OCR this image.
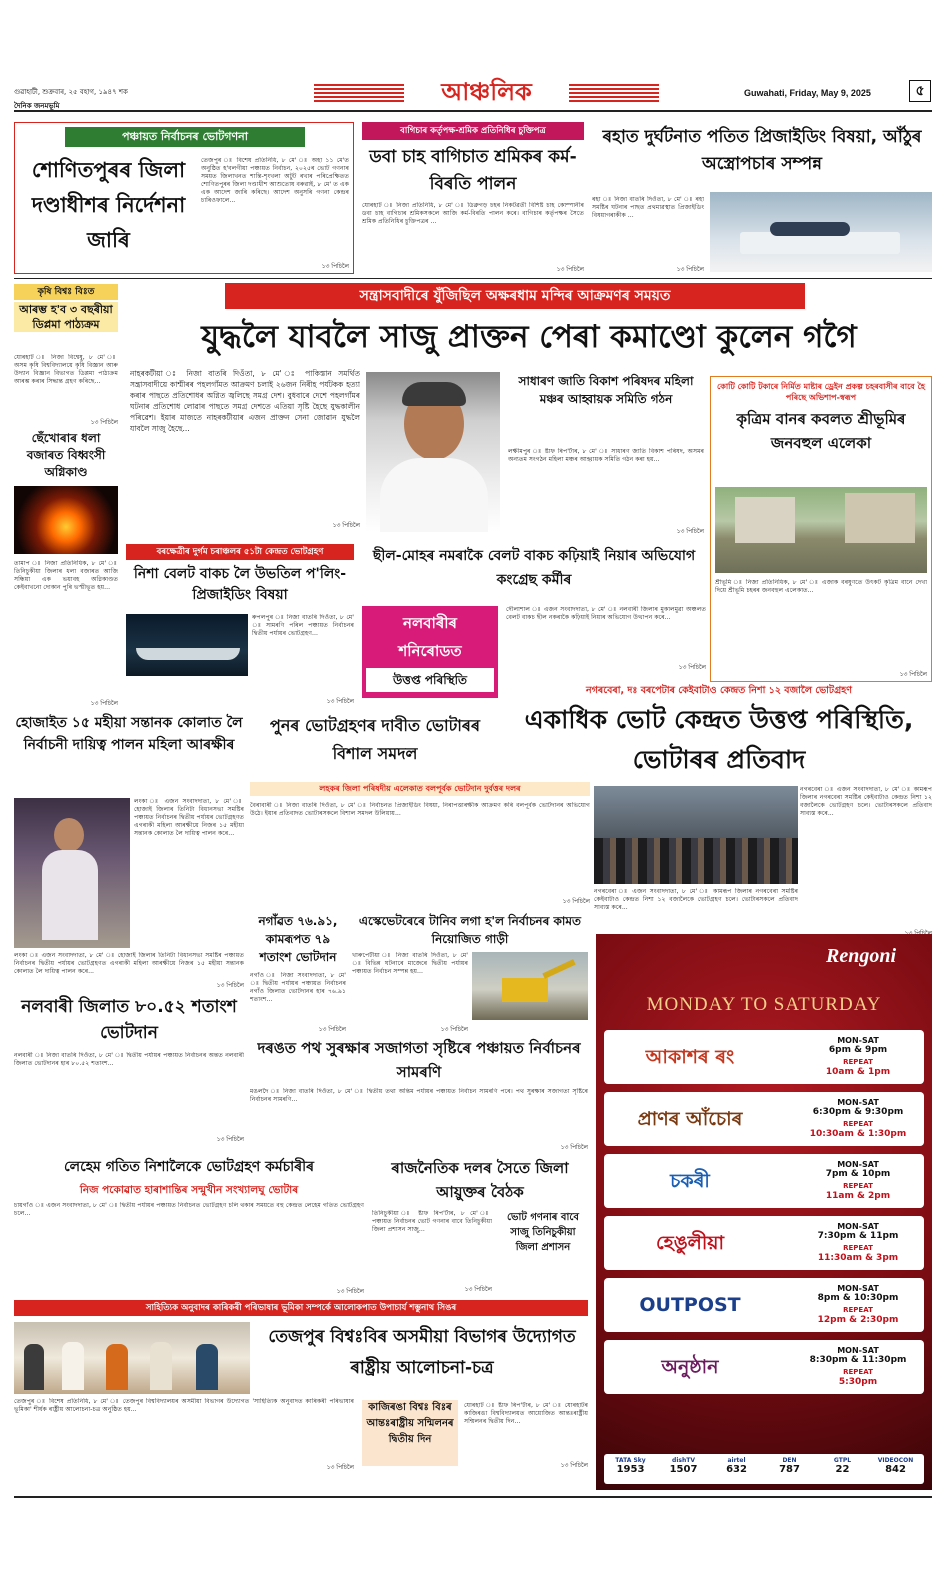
গুৱাহাটী, শুক্ৰবাৰ, ২৫ বহাগ, ১৯৪৭ শক
দৈনিক জনমভূমি	আঞ্চলিক	Guwahati, Friday, May 9, 2025	৫
পঞ্চায়ত নিৰ্বাচনৰ ভোটগণনা
শোণিতপুৰৰ জিলা দণ্ডাধীশৰ নিৰ্দেশনা জাৰি
তেজপুৰ ঃ বিশেষ প্ৰতিনিধি, ৮ মে' ঃ অহা ১১ মে'ত অনুষ্ঠিত হ'বলগীয়া পঞ্চায়ত নিৰ্বাচন, ২০২৫ৰ ভোট গণনাৰ সময়ত জিলাখনত শান্তি-শৃংখলা অটুট ৰখাৰ পৰিপ্ৰেক্ষিতত শোণিতপুৰৰ জিলা দণ্ডাধীশ আশুতোষ বৰুৱাই, ৮ মে' ত এক এক আদেশ জাৰি কৰিছে। আদেশ অনুসৰি গণনা কেন্দ্ৰৰ চাৰিওফালে...
১৩ পিচিলৈ
বাগিচাৰ কৰ্তৃপক্ষ-শ্ৰমিক প্ৰতিনিধিৰ চুক্তিপত্ৰ
ডবা চাহ বাগিচাত শ্ৰমিকৰ কৰ্ম-বিৰতি পালন
যোৰহাট ঃ নিজা প্ৰতিনিধি, ৮ মে' ঃ ডিব্ৰুগড় চহৰ নিকটৱৰ্তী বিশিষ্ট চাহ কোম্পানীৰ ডবা চাহ বাগিচাৰ শ্ৰমিকসকলে আজি কৰ্ম-বিৰতি পালন কৰে। বাগিচাৰ কৰ্তৃপক্ষৰ সৈতে শ্ৰমিক প্ৰতিনিধিৰ চুক্তিপত্ৰৰ ...
১৩ পিচিলৈ
ৰহাত দুৰ্ঘটনাত পতিত প্ৰিজাইডিং বিষয়া, আঁঠুৰ অস্ত্ৰোপচাৰ সম্পন্ন
ৰহা ঃ নিজা বাতৰি দিওঁতা, ৮ মে' ঃ ৰহা সমষ্টিৰ ঘটনাৰ পাছত প্ৰথমাৱস্থাত প্ৰিজাইডিং বিষয়াগৰাকীক ...
১৩ পিচিলৈ
কৃষি বিশ্বঃ বিঃত
আৰম্ভ হ'ব ৩ বছৰীয়া ডিপ্লমা পাঠ্যক্ৰম
যোৰহাট ঃ নিজা বিশ্বেষু, ৮ মে' ঃ অসম কৃষি বিশ্ববিদ্যালয়ে কৃষি বিজ্ঞান আৰু উদ্যান বিজ্ঞান বিভাগত ডিপ্লমা পাঠ্যক্ৰম আৰম্ভ কৰাৰ সিদ্ধান্ত গ্ৰহণ কৰিছে...
১৩ পিচিলৈ
ছেঁখোৰাৰ ধলা বজাৰত বিধ্বংসী অগ্নিকাণ্ড
তামাপ ঃ নিজা প্ৰতিনিধিক, ৮ মে' ঃ তিনিচুকীয়া জিলাৰ ধলা বজাৰত আজি সন্ধিয়া এক ভয়াবহ অগ্নিকাণ্ডত কেইবাখনো দোকান পুৰি ভস্মীভূত হয়...
১৩ পিচিলৈ
সন্ত্ৰাসবাদীৰে যুঁজিছিল অক্ষৰধাম মন্দিৰ আক্ৰমণৰ সময়ত
যুদ্ধলৈ যাবলৈ সাজু প্ৰাক্তন পেৰা কমাণ্ডো কুলেন গগৈ
নাহৰকটীয়া ঃ নিজা বাতৰি দিওঁতা, ৮ মে' ঃ পাকিস্তান সমৰ্থিত সন্ত্ৰাসবাদীয়ে কাশ্মীৰৰ পহলগাঁমত আক্ৰমণ চলাই ২৬জন নিৰীহ পৰ্যটকক হত্যা কৰাৰ পাছতে প্ৰতিশোধৰ অগ্নিত জ্বলিছে সমগ্ৰ দেশ। বুধবাৰে দেশে পহলগাঁমৰ ঘটনাৰ প্ৰতিশোধ লোৱাৰ পাছতে সমগ্ৰ দেশতে এতিয়া সৃষ্টি হৈছে যুদ্ধকালীন পৰিৱেশ। ইয়াৰ মাজতে নাহৰকটীয়াৰ এজন প্ৰাক্তন সেনা জোৱান যুদ্ধলৈ যাবলৈ সাজু হৈছে...
১৩ পিচিলৈ
সাধাৰণ জাতি বিকাশ পৰিষদৰ মহিলা মঞ্চৰ আহ্বায়ক সমিতি গঠন
লক্ষীমপুৰ ঃ ষ্টাফ ৰিপ'ৰ্টাৰ, ৮ মে' ঃ সাধাৰণ জাতি বিকাশ পৰিষদ, অসমৰ অন্যতম সংগঠন মহিলা মঞ্চৰ আহ্বায়ক সমিতি গঠন কৰা হয়...
১৩ পিচিলৈ
কোটি কোটি টকাৰে নিৰ্মিত মাষ্টাৰ ড্ৰেইন প্ৰকল্প চহৰবাসীৰ বাবে হৈ পৰিছে অভিশাপ-স্বৰূপ
কৃত্ৰিম বানৰ কবলত শ্ৰীভূমিৰ জনবহুল এলেকা
শ্ৰীভূমি ঃ নিজা প্ৰতিনিধিক, ৮ মে' ঃ এজাক বৰষুণতে উৎকট কৃত্ৰিম বানে দেখা দিয়ে শ্ৰীভূমি চহৰৰ জনবহুল এলেকাত...
১৩ পিচিলৈ
বৰক্ষেত্ৰীৰ দুৰ্গম চৰাঞ্চলৰ ৫১টা কেন্দ্ৰত ভোটগ্ৰহণ
নিশা বেলট বাকচ লৈ উভতিল প'লিং-প্ৰিজাইডিং বিষয়া
ৰুপলপুৰ ঃ নিজা বাতৰি দিওঁতা, ৮ মে' ঃ সামৰণি পৰিল পঞ্চায়ত নিৰ্বাচনৰ দ্বিতীয় পৰ্যায়ৰ ভোটগ্ৰহণ...
১৩ পিচিলৈ
ছীল-মোহৰ নমৰাকৈ বেলট বাকচ কঢ়িয়াই নিয়াৰ অভিযোগ কংগ্ৰেছ কৰ্মীৰ
দৌলাশাল ঃ এজন সংবাদদাতা, ৮ মে' ঃ নলবাৰী জিলাৰ মুকালমুৱা অঞ্চলত বেলট বাকচ ছীল নকৰাকৈ কঢ়িয়াই নিয়াৰ অভিযোগ উত্থাপন কৰে...
১৩ পিচিলৈ
নলবাৰীৰ
শনিৰোডত
উত্তপ্ত পৰিস্থিতি
নগৰবেৰা, দঃ বৰপেটাৰ কেইবাটাও কেন্দ্ৰত নিশা ১২ বজালৈ ভোটগ্ৰহণ
একাধিক ভোট কেন্দ্ৰত উত্তপ্ত পৰিস্থিতি, ভোটাৰৰ প্ৰতিবাদ
নগৰবেৰা ঃ এজন সংবাদদাতা, ৮ মে' ঃ কামৰূপ জিলাৰ নগৰবেৰা সমষ্টিৰ কেইবাটাও কেন্দ্ৰত নিশা ১২ বজালৈকে ভোটগ্ৰহণ চলে। ভোটাৰসকলে প্ৰতিবাদ সাব্যস্ত কৰে...
নগৰবেৰা ঃ এজন সংবাদদাতা, ৮ মে' ঃ কামৰূপ জিলাৰ নগৰবেৰা সমষ্টিৰ কেইবাটাও কেন্দ্ৰত নিশা ১২ বজালৈকে ভোটগ্ৰহণ চলে। ভোটাৰসকলে প্ৰতিবাদ সাব্যস্ত কৰে...
হোজাইত ১৫ মহীয়া সন্তানক কোলাত লৈ নিৰ্বাচনী দায়িত্ব পালন মহিলা আৰক্ষীৰ
লংকা ঃ এজন সংবাদদাতা, ৮ মে' ঃ হোজাই জিলাৰ তিনিটা বিধানসভা সমষ্টিৰ পঞ্চায়ত নিৰ্বাচনৰ দ্বিতীয় পৰ্যায়ৰ ভোটগ্ৰহণত এগৰাকী মহিলা আৰক্ষীয়ে নিজৰ ১৫ মহীয়া সন্তানক কোলাত লৈ দায়িত্ব পালন কৰে...
লংকা ঃ এজন সংবাদদাতা, ৮ মে' ঃ হোজাই জিলাৰ তিনিটা বিধানসভা সমষ্টিৰ পঞ্চায়ত নিৰ্বাচনৰ দ্বিতীয় পৰ্যায়ৰ ভোটগ্ৰহণত এগৰাকী মহিলা আৰক্ষীয়ে নিজৰ ১৫ মহীয়া সন্তানক কোলাত লৈ দায়িত্ব পালন কৰে...
১৩ পিচিলৈ
পুনৰ ভোটগ্ৰহণৰ দাবীত ভোটাৰৰ বিশাল সমদল
লহকৰ জিলা পৰিষদীয় এলেকাত বলপূৰ্বক ভোটদান দুৰ্বত্তৰ দলৰ
বৈৰাবাৰী ঃ নিজা বাতৰি দিওঁতা, ৮ মে' ঃ নিৰ্বাচনত প্ৰিজাইডিং বিষয়া, নিৰাপত্তাৰক্ষীক আক্ৰমণ কৰি বলপূৰ্বক ভোটদানৰ অভিযোগ উঠে। ইয়াৰ প্ৰতিবাদত ভোটাৰসকলে বিশাল সমদল উলিয়ায়...
১৩ পিচিলৈ
নগাঁৱত ৭৬.৯১, কামৰূপত ৭৯ শতাংশ ভোটদান
নগাঁও ঃ নিজা সংবাদদাতা, ৮ মে' ঃ দ্বিতীয় পৰ্যায়ৰ পঞ্চায়ত নিৰ্বাচনৰ নগাঁও জিলাত ভোটদানৰ হাৰ ৭৬.৯১ শতাংশ...
১৩ পিচিলৈ
এস্কেভেটৰেৰে টানিব লগা হ'ল নিৰ্বাচনৰ কামত নিয়োজিত গাড়ী
খাৰুপেটীয়া ঃ নিজা বাতৰি দিওঁতা, ৮ মে' ঃ বিভিন্ন ঘটনাৰে মাজেৰে দ্বিতীয় পৰ্যায়ৰ পঞ্চায়ত নিৰ্বাচন সম্পন্ন হয়...
১৩ পিচিলৈ
নলবাৰী জিলাত ৮০.৫২ শতাংশ ভোটদান
নলবাৰী ঃ নিজা বাতৰি দিওঁতা, ৮ মে' ঃ দ্বিতীয় পৰ্যায়ৰ পঞ্চায়ত নিৰ্বাচনৰ অন্তত নলবাৰী জিলাত ভোটদানৰ হাৰ ৮০.৫২ শতাংশ...
১৩ পিচিলৈ
দৰঙত পথ সুৰক্ষাৰ সজাগতা সৃষ্টিৰে পঞ্চায়ত নিৰ্বাচনৰ সামৰণি
মঙলদৈ ঃ নিজা বাতৰি দিওঁতা, ৮ মে' ঃ দ্বিতীয় তথা অন্তিম পৰ্যায়ৰ পঞ্চায়ত নিৰ্বাচন সামৰণি পৰে। পথ সুৰক্ষাৰ সজাগতা সৃষ্টিৰে নিৰ্বাচনৰ সামৰণি...
১৩ পিচিলৈ
লেহেম গতিত নিশালৈকে ভোটগ্ৰহণ কৰ্মচাৰীৰ
নিজ পকোৱাত হাৰাশান্তিৰ সন্মুখীন সংখ্যালঘু ভোটাৰ
চায়গাঁও ঃ এজন সংবাদদাতা, ৮ মে' ঃ দ্বিতীয় পৰ্যায়ৰ পঞ্চায়ত নিৰ্বাচনত ভোটগ্ৰহণ চলি থকাৰ সময়তে বহু কেন্দ্ৰত লেহেম গতিত ভোটগ্ৰহণ চলে...
১৩ পিচিলৈ
ৰাজনৈতিক দলৰ সৈতে জিলা আয়ুক্তৰ বৈঠক
তিনিচুকীয়া ঃ ষ্টাফ ৰিপ'ৰ্টাৰ, ৮ মে' ঃ পঞ্চায়ত নিৰ্বাচনৰ ভোট গণনাৰ বাবে তিনিচুকীয়া জিলা প্ৰশাসন সাজু...
ভোট গণনাৰ বাবে সাজু তিনিচুকীয়া জিলা প্ৰশাসন
১৩ পিচিলৈ
সাহিত্যিক অনুবাদৰ কাৰিকৰী পৰিভাষাৰ ভূমিকা সম্পৰ্কে আলোকপাত উপাচাৰ্য শম্ভুনাথ সিঙৰ
তেজপুৰ বিশ্বঃবিৰ অসমীয়া বিভাগৰ উদ্যোগত ৰাষ্ট্ৰীয় আলোচনা-চত্ৰ
তেজপুৰ ঃ বিশেষ প্ৰতিনিধি, ৮ মে' ঃ তেজপুৰ বিশ্ববিদ্যালয়ৰ অসমীয়া বিভাগৰ উদ্যোগত 'সাহিত্যিক অনুবাদত কাৰিকৰী পৰিভাষাৰ ভূমিকা' শীৰ্ষক ৰাষ্ট্ৰীয় আলোচনা-চত্ৰ অনুষ্ঠিত হয়...
১৩ পিচিলৈ
কাজিৰঙা বিশ্বঃ বিঃৰ আন্তঃৰাষ্ট্ৰীয় সন্মিলনৰ দ্বিতীয় দিন
যোৰহাট ঃ ষ্টাফ ৰিপ'ৰ্টাৰ, ৮ মে' ঃ যোৰহাটৰ কাজিৰঙা বিশ্ববিদ্যালয়ত আয়োজিত আন্তঃৰাষ্ট্ৰীয় সন্মিলনৰ দ্বিতীয় দিন...
১৩ পিচিলৈ
Rengoni
MONDAY TO SATURDAY
আকাশৰ ৰং
MON-SAT
6pm & 9pm
REPEAT
10am & 1pm
প্ৰাণৰ আঁচোৰ
MON-SAT
6:30pm & 9:30pm
REPEAT
10:30am & 1:30pm
চকৰী
MON-SAT
7pm & 10pm
REPEAT
11am & 2pm
হেঙুলীয়া
MON-SAT
7:30pm & 11pm
REPEAT
11:30am & 3pm
OUTPOST
MON-SAT
8pm & 10:30pm
REPEAT
12pm & 2:30pm
অনুষ্ঠান
MON-SAT
8:30pm & 11:30pm
REPEAT
5:30pm
TATA Sky
1953
dishTV
1507
airtel
632
DEN
787
GTPL
22
VIDEOCON
842
